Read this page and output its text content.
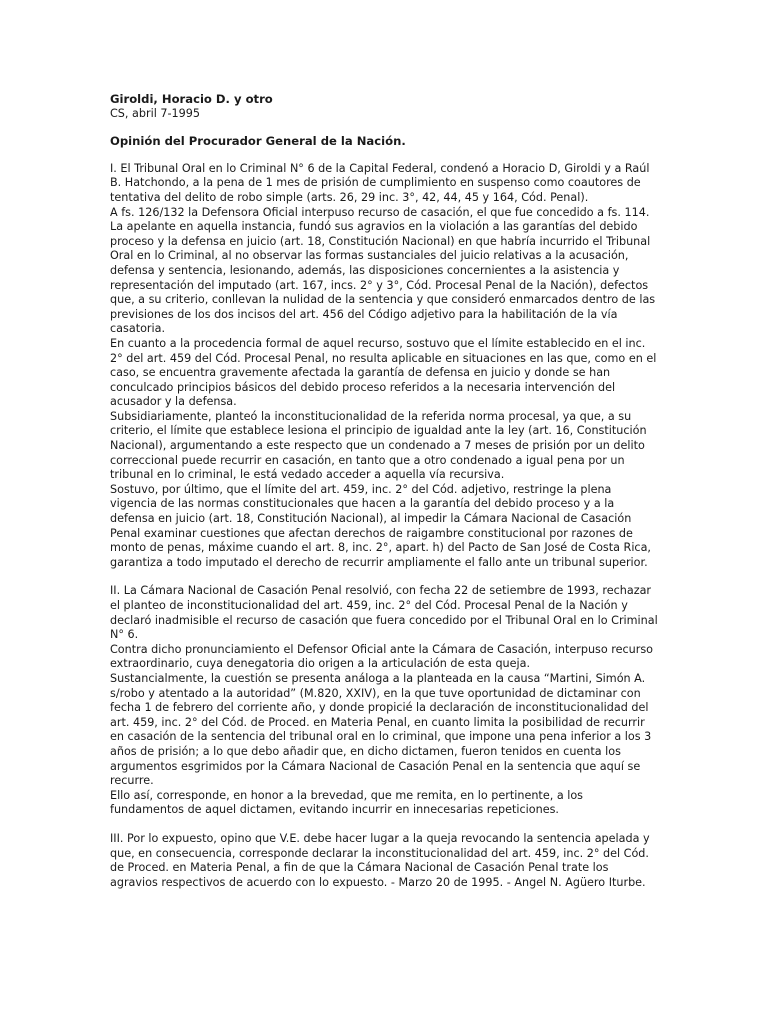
Giroldi, Horacio D. y otro

CS, abril 7-1995

Opinión del Procurador General de la Nación.

I. El Tribunal Oral en lo Criminal N° 6 de la Capital Federal, condenó a Horacio D, Giroldi y a Raúl B. Hatchondo, a la pena de 1 mes de prisión de cumplimiento en suspenso como coautores de tentativa del delito de robo simple (arts. 26, 29 inc. 3°, 42, 44, 45 y 164, Cód. Penal).

A fs. 126/132 la Defensora Oficial interpuso recurso de casación, el que fue concedido a fs. 114.

La apelante en aquella instancia, fundó sus agravios en la violación a las garantías del debido proceso y la defensa en juicio (art. 18, Constitución Nacional) en que habría incurrido el Tribunal Oral en lo Criminal, al no observar las formas sustanciales del juicio relativas a la acusación, defensa y sentencia, lesionando, además, las disposiciones concernientes a la asistencia y representación del imputado (art. 167, incs. 2° y 3°, Cód. Procesal Penal de la Nación), defectos que, a su criterio, conllevan la nulidad de la sentencia y que consideró enmarcados dentro de las previsiones de los dos incisos del art. 456 del Código adjetivo para la habilitación de la vía casatoria.

En cuanto a la procedencia formal de aquel recurso, sostuvo que el límite establecido en el inc. 2° del art. 459 del Cód. Procesal Penal, no resulta aplicable en situaciones en las que, como en el caso, se encuentra gravemente afectada la garantía de defensa en juicio y donde se han conculcado principios básicos del debido proceso referidos a la necesaria intervención del acusador y la defensa.

Subsidiariamente, planteó la inconstitucionalidad de la referida norma procesal, ya que, a su criterio, el límite que establece lesiona el principio de igualdad ante la ley (art. 16, Constitución Nacional), argumentando a este respecto que un condenado a 7 meses de prisión por un delito correccional puede recurrir en casación, en tanto que a otro condenado a igual pena por un tribunal en lo criminal, le está vedado acceder a aquella vía recursiva.

Sostuvo, por último, que el límite del art. 459, inc. 2° del Cód. adjetivo, restringe la plena vigencia de las normas constitucionales que hacen a la garantía del debido proceso y a la defensa en juicio (art. 18, Constitución Nacional), al impedir la Cámara Nacional de Casación Penal examinar cuestiones que afectan derechos de raigambre constitucional por razones de monto de penas, máxime cuando el art. 8, inc. 2°, apart. h) del Pacto de San José de Costa Rica, garantiza a todo imputado el derecho de recurrir ampliamente el fallo ante un tribunal superior.

II. La Cámara Nacional de Casación Penal resolvió, con fecha 22 de setiembre de 1993, rechazar el planteo de inconstitucionalidad del art. 459, inc. 2° del Cód. Procesal Penal de la Nación y declaró inadmisible el recurso de casación que fuera concedido por el Tribunal Oral en lo Criminal N° 6.

Contra dicho pronunciamiento el Defensor Oficial ante la Cámara de Casación, interpuso recurso extraordinario, cuya denegatoria dio origen a la articulación de esta queja.

Sustancialmente, la cuestión se presenta análoga a la planteada en la causa “Martini, Simón A. s/robo y atentado a la autoridad” (M.820, XXIV), en la que tuve oportunidad de dictaminar con fecha 1 de febrero del corriente año, y donde propicié la declaración de inconstitucionalidad del art. 459, inc. 2° del Cód. de Proced. en Materia Penal, en cuanto limita la posibilidad de recurrir en casación de la sentencia del tribunal oral en lo criminal, que impone una pena inferior a los 3 años de prisión; a lo que debo añadir que, en dicho dictamen, fueron tenidos en cuenta los argumentos esgrimidos por la Cámara Nacional de Casación Penal en la sentencia que aquí se recurre.

Ello así, corresponde, en honor a la brevedad, que me remita, en lo pertinente, a los fundamentos de aquel dictamen, evitando incurrir en innecesarias repeticiones.

III. Por lo expuesto, opino que V.E. debe hacer lugar a la queja revocando la sentencia apelada y que, en consecuencia, corresponde declarar la inconstitucionalidad del art. 459, inc. 2° del Cód. de Proced. en Materia Penal, a fin de que la Cámara Nacional de Casación Penal trate los agravios respectivos de acuerdo con lo expuesto. - Marzo 20 de 1995. - Angel N. Agüero Iturbe.
